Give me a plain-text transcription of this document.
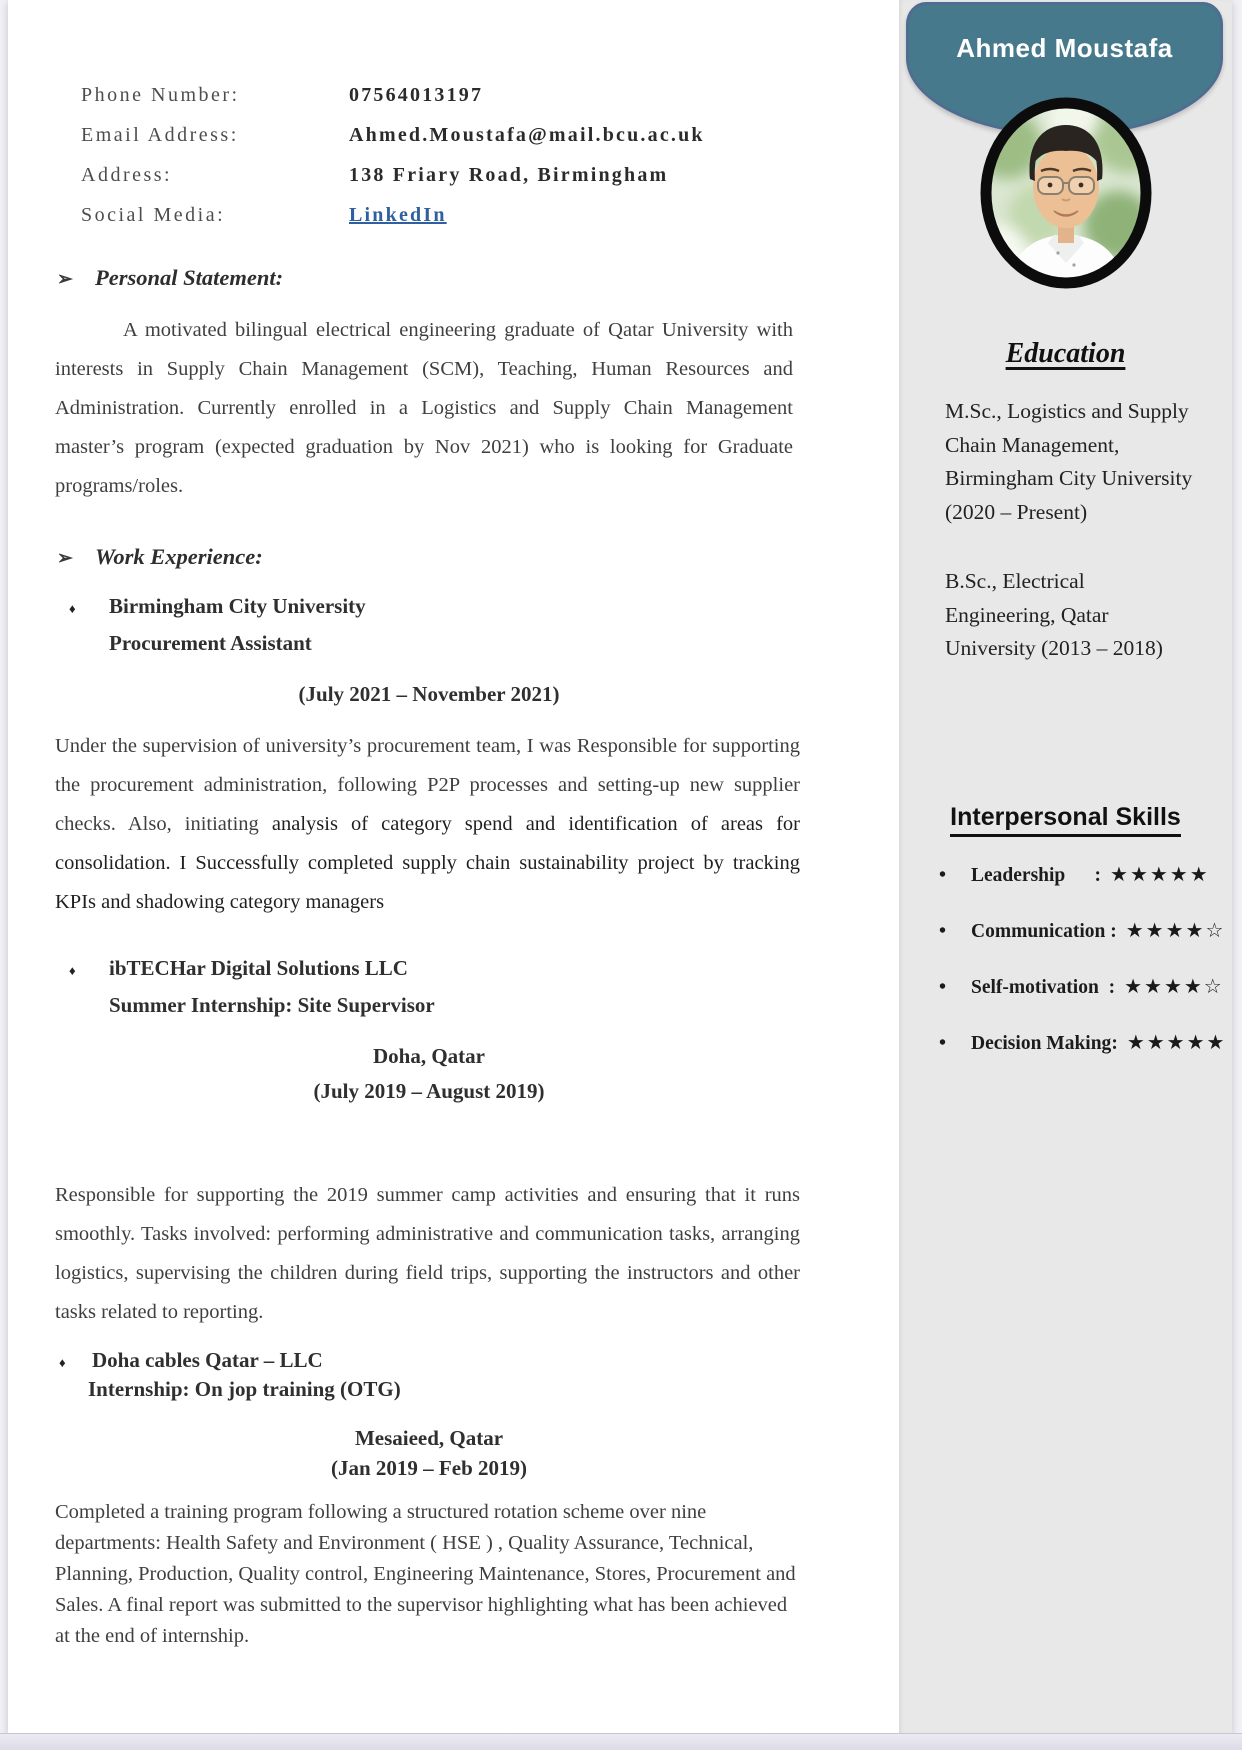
Phone Number:	07564013197
Email Address:	Ahmed.Moustafa@mail.bcu.ac.uk
Address:	138 Friary Road, Birmingham
Social Media:	LinkedIn
➢ Personal Statement:
A motivated bilingual electrical engineering graduate of Qatar University with interests in Supply Chain Management (SCM), Teaching, Human Resources and Administration. Currently enrolled in a Logistics and Supply Chain Management master’s program (expected graduation by Nov 2021) who is looking for Graduate programs/roles.
➢ Work Experience:
♦	Birmingham City University
Procurement Assistant
(July 2021 – November 2021)
Under the supervision of university’s procurement team, I was Responsible for supporting the procurement administration, following P2P processes and setting-up new supplier checks. Also, initiating analysis of category spend and identification of areas for consolidation. I Successfully completed supply chain sustainability project by tracking KPIs and shadowing category managers
♦	ibTECHar Digital Solutions LLC
Summer Internship: Site Supervisor
Doha, Qatar
(July 2019 – August 2019)
Responsible for supporting the 2019 summer camp activities and ensuring that it runs smoothly. Tasks involved: performing administrative and communication tasks, arranging logistics, supervising the children during field trips, supporting the instructors and other tasks related to reporting.
♦	Doha cables Qatar – LLC
Internship: On jop training (OTG)
Mesaieed, Qatar
(Jan 2019 – Feb 2019)
Completed a training program following a structured rotation scheme over nine departments: Health Safety and Environment ( HSE ) , Quality Assurance, Technical, Planning, Production, Quality control, Engineering Maintenance, Stores, Procurement and Sales. A final report was submitted to the supervisor highlighting what has been achieved at the end of internship.
Ahmed Moustafa
Education
M.Sc., Logistics and Supply Chain Management, Birmingham City University (2020 – Present)
B.Sc., Electrical Engineering, Qatar University (2013 – 2018)
Interpersonal Skills
•	Leadership : ★★★★★
•	Communication : ★★★★☆
•	Self-motivation : ★★★★☆
•	Decision Making : ★★★★★
